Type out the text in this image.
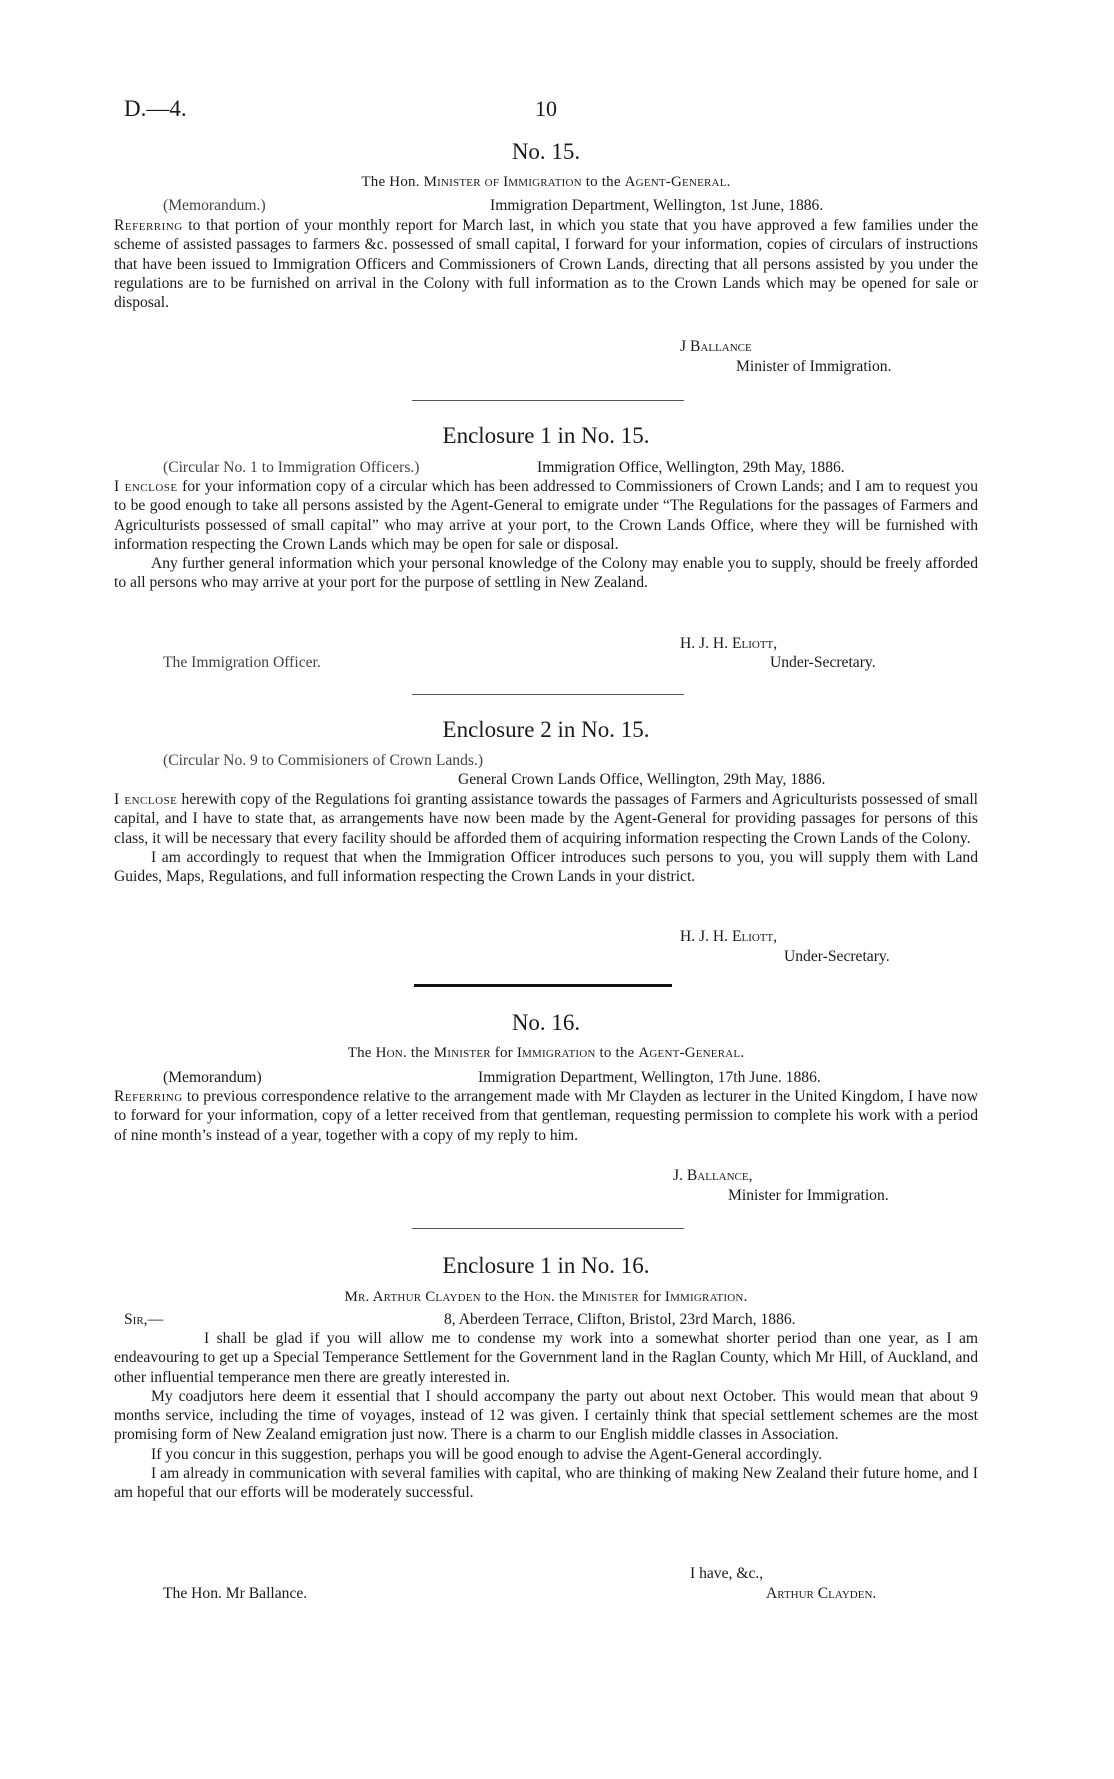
D.—4.	10
No. 15.
The Hon. Minister of Immigration to the Agent-General.
(Memorandum.)	Immigration Department, Wellington, 1st June, 1886.

Referring to that portion of your monthly report for March last, in which you state that you have approved a few families under the scheme of assisted passages to farmers &c. possessed of small capital, I forward for your information, copies of circulars of instructions that have been issued to Immigration Officers and Commissioners of Crown Lands, directing that all persons assisted by you under the regulations are to be furnished on arrival in the Colony with full information as to the Crown Lands which may be opened for sale or disposal.

J Ballance
Minister of Immigration.
Enclosure 1 in No. 15.
(Circular No. 1 to Immigration Officers.)	Immigration Office, Wellington, 29th May, 1886.

I enclose for your information copy of a circular which has been addressed to Commissioners of Crown Lands; and I am to request you to be good enough to take all persons assisted by the Agent-General to emigrate under “The Regulations for the passages of Farmers and Agriculturists possessed of small capital” who may arrive at your port, to the Crown Lands Office, where they will be furnished with information respecting the Crown Lands which may be open for sale or disposal.

Any further general information which your personal knowledge of the Colony may enable you to supply, should be freely afforded to all persons who may arrive at your port for the purpose of settling in New Zealand.

H. J. H. Eliott,
The Immigration Officer.	Under-Secretary.
Enclosure 2 in No. 15.
(Circular No. 9 to Commisioners of Crown Lands.)
General Crown Lands Office, Wellington, 29th May, 1886.

I enclose herewith copy of the Regulations foi granting assistance towards the passages of Farmers and Agriculturists possessed of small capital, and I have to state that, as arrangements have now been made by the Agent-General for providing passages for persons of this class, it will be necessary that every facility should be afforded them of acquiring information respecting the Crown Lands of the Colony.

I am accordingly to request that when the Immigration Officer introduces such persons to you, you will supply them with Land Guides, Maps, Regulations, and full information respecting the Crown Lands in your district.

H. J. H. Eliott,
Under-Secretary.
No. 16.
The Hon. the Minister for Immigration to the Agent-General.
(Memorandum)	Immigration Department, Wellington, 17th June. 1886.

Referring to previous correspondence relative to the arrangement made with Mr Clayden as lecturer in the United Kingdom, I have now to forward for your information, copy of a letter received from that gentleman, requesting permission to complete his work with a period of nine month’s instead of a year, together with a copy of my reply to him.

J. Ballance,
Minister for Immigration.
Enclosure 1 in No. 16.
Mr. Arthur Clayden to the Hon. the Minister for Immigration.
Sir,—	8, Aberdeen Terrace, Clifton, Bristol, 23rd March, 1886.

I shall be glad if you will allow me to condense my work into a somewhat shorter period than one year, as I am endeavouring to get up a Special Temperance Settlement for the Government land in the Raglan County, which Mr Hill, of Auckland, and other influential temperance men there are greatly interested in.

My coadjutors here deem it essential that I should accompany the party out about next October. This would mean that about 9 months service, including the time of voyages, instead of 12 was given. I certainly think that special settlement schemes are the most promising form of New Zealand emigration just now. There is a charm to our English middle classes in Association.

If you concur in this suggestion, perhaps you will be good enough to advise the Agent-General accordingly.

I am already in communication with several families with capital, who are thinking of making New Zealand their future home, and I am hopeful that our efforts will be moderately successful.

I have, &c.,
The Hon. Mr Ballance.	Arthur Clayden.
